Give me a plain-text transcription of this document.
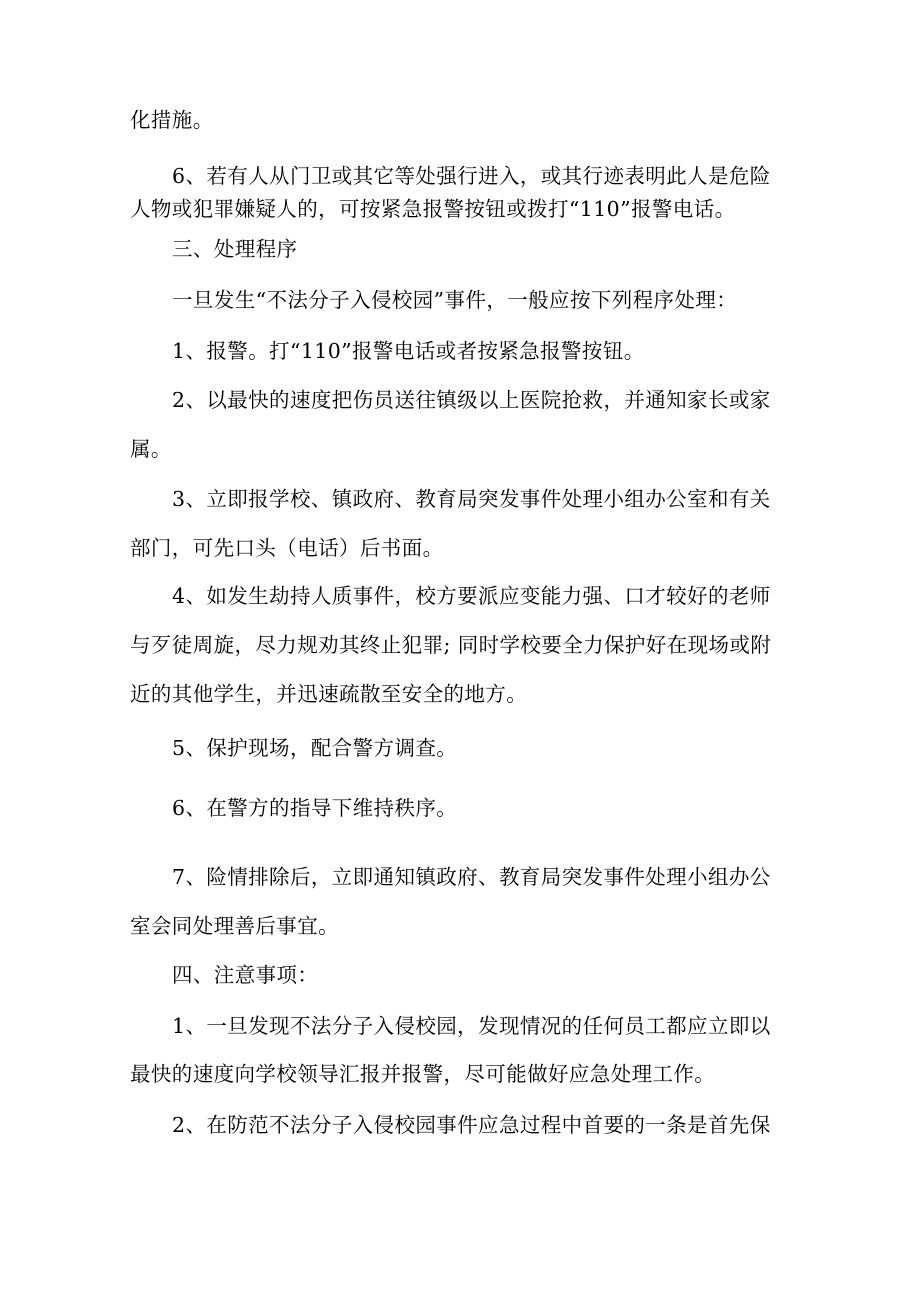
化措施。
6、若有人从门卫或其它等处强行进入，或其行迹表明此人是危险
人物或犯罪嫌疑人的，可按紧急报警按钮或拨打“110”报警电话。
三、处理程序
一旦发生“不法分子入侵校园”事件，一般应按下列程序处理：
1、报警。打“110”报警电话或者按紧急报警按钮。
2、以最快的速度把伤员送往镇级以上医院抢救，并通知家长或家
属。
3、立即报学校、镇政府、教育局突发事件处理小组办公室和有关
部门，可先口头（电话）后书面。
4、如发生劫持人质事件，校方要派应变能力强、口才较好的老师
与歹徒周旋，尽力规劝其终止犯罪; 同时学校要全力保护好在现场或附
近的其他学生，并迅速疏散至安全的地方。
5、保护现场，配合警方调查。
6、在警方的指导下维持秩序。
7、险情排除后，立即通知镇政府、教育局突发事件处理小组办公
室会同处理善后事宜。
四、注意事项：
1、一旦发现不法分子入侵校园，发现情况的任何员工都应立即以
最快的速度向学校领导汇报并报警，尽可能做好应急处理工作。
2、在防范不法分子入侵校园事件应急过程中首要的一条是首先保
